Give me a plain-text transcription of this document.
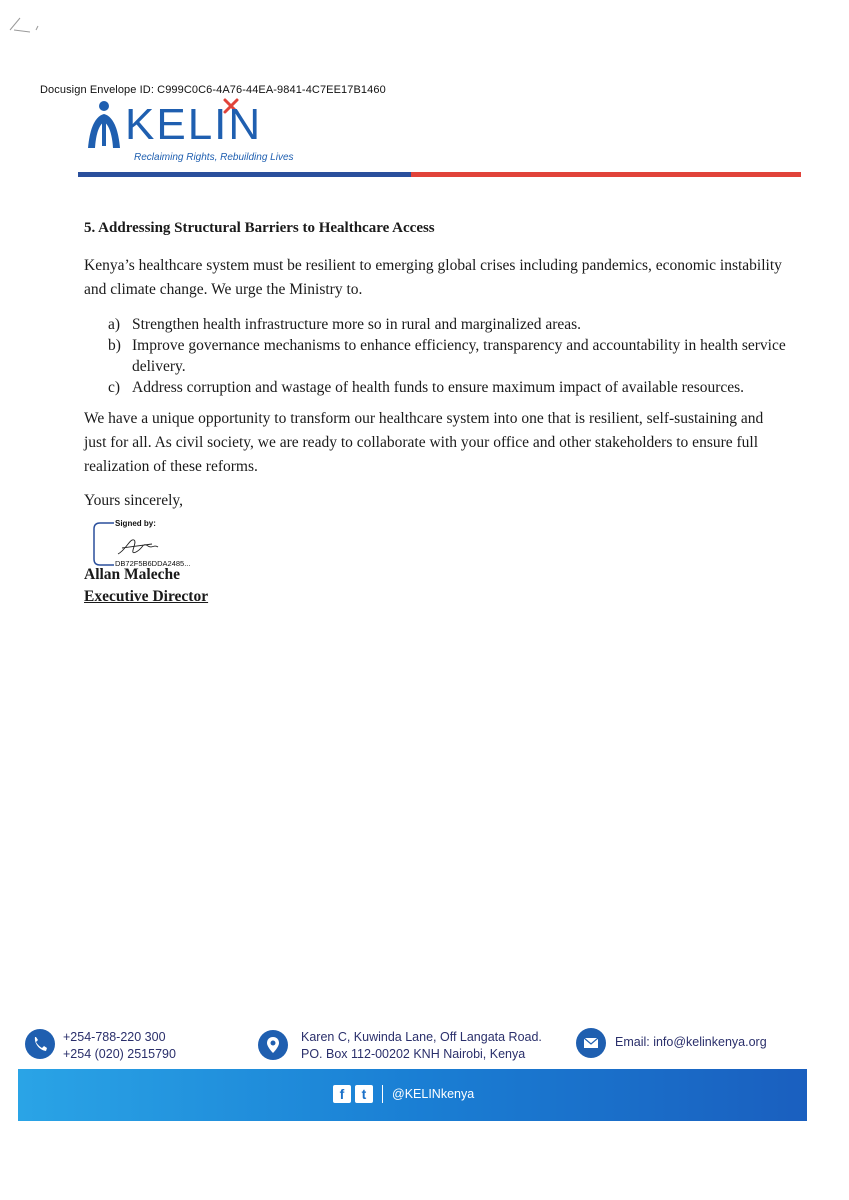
Docusign Envelope ID: C999C0C6-4A76-44EA-9841-4C7EE17B1460
KELIN
Reclaiming Rights, Rebuilding Lives
5. Addressing Structural Barriers to Healthcare Access
Kenya’s healthcare system must be resilient to emerging global crises including pandemics, economic instability and climate change. We urge the Ministry to.
a) Strengthen health infrastructure more so in rural and marginalized areas.
b) Improve governance mechanisms to enhance efficiency, transparency and accountability in health service delivery.
c) Address corruption and wastage of health funds to ensure maximum impact of available resources.
We have a unique opportunity to transform our healthcare system into one that is resilient, self-sustaining and just for all. As civil society, we are ready to collaborate with your office and other stakeholders to ensure full realization of these reforms.
Yours sincerely,
Signed by:
DB72F5B6DDA2485...
Allan Maleche
Executive Director
+254-788-220 300
+254 (020) 2515790
Karen C, Kuwinda Lane, Off Langata Road.
PO. Box 112-00202 KNH Nairobi, Kenya
Email: info@kelinkenya.org
f	t	@KELINkenya
